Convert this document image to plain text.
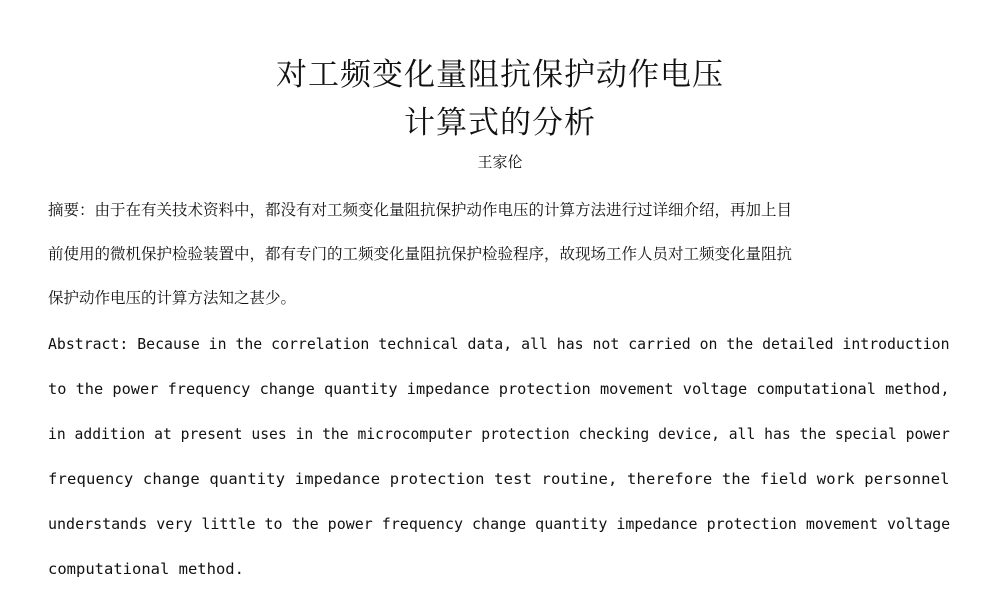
对工频变化量阻抗保护动作电压
计算式的分析
王家伦
摘要：由于在有关技术资料中，都没有对工频变化量阻抗保护动作电压的计算方法进行过详细介绍，再加上目
前使用的微机保护检验装置中，都有专门的工频变化量阻抗保护检验程序，故现场工作人员对工频变化量阻抗
保护动作电压的计算方法知之甚少。
Abstract: Because in the correlation technical data, all has not carried on the detailed introduction
to the power frequency change quantity impedance protection movement voltage computational method,
in addition at present uses in the microcomputer protection checking device, all has the special power
frequency change quantity impedance protection test routine, therefore the field work personnel
understands very little to the power frequency change quantity impedance protection movement voltage
computational method.
